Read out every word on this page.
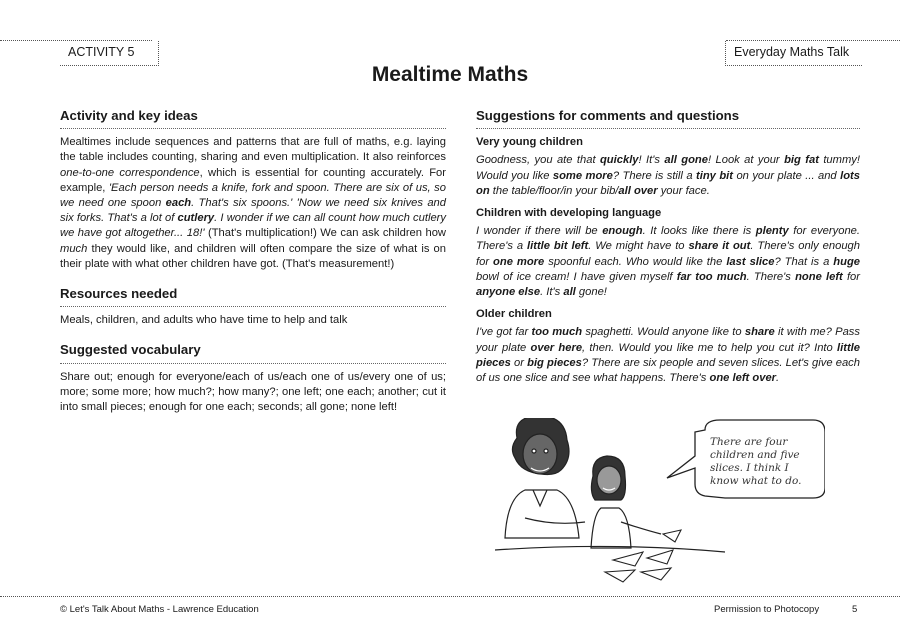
ACTIVITY 5	Everyday Maths Talk
Mealtime Maths
Activity and key ideas

Mealtimes include sequences and patterns that are full of maths, e.g. laying the table includes counting, sharing and even multiplication. It also reinforces one-to-one correspondence, which is essential for counting accurately. For example, 'Each person needs a knife, fork and spoon. There are six of us, so we need one spoon each. That's six spoons.' 'Now we need six knives and six forks. That's a lot of cutlery. I wonder if we can all count how much cutlery we have got altogether... 18!' (That's multiplication!) We can ask children how much they would like, and children will often compare the size of what is on their plate with what other children have got. (That's measurement!)

Resources needed

Meals, children, and adults who have time to help and talk

Suggested vocabulary

Share out; enough for everyone/each of us/each one of us/every one of us; more; some more; how much?; how many?; one left; one each; another; cut it into small pieces; enough for one each; seconds; all gone; none left!

Suggestions for comments and questions
Very young children

Goodness, you ate that quickly! It's all gone! Look at your big fat tummy! Would you like some more? There is still a tiny bit on your plate ... and lots on the table/floor/in your bib/all over your face.

Children with developing language

I wonder if there will be enough. It looks like there is plenty for everyone. There's a little bit left. We might have to share it out. There's only enough for one more spoonful each. Who would like the last slice? That is a huge bowl of ice cream! I have given myself far too much. There's none left for anyone else. It's all gone!

Older children

I've got far too much spaghetti. Would anyone like to share it with me? Pass your plate over here, then. Would you like me to help you cut it? Into little pieces or big pieces? There are six people and seven slices. Let's give each of us one slice and see what happens. There's one left over.

There are four children and five slices. I think I know what to do.
© Let's Talk About Maths - Lawrence Education	Permission to Photocopy	5
